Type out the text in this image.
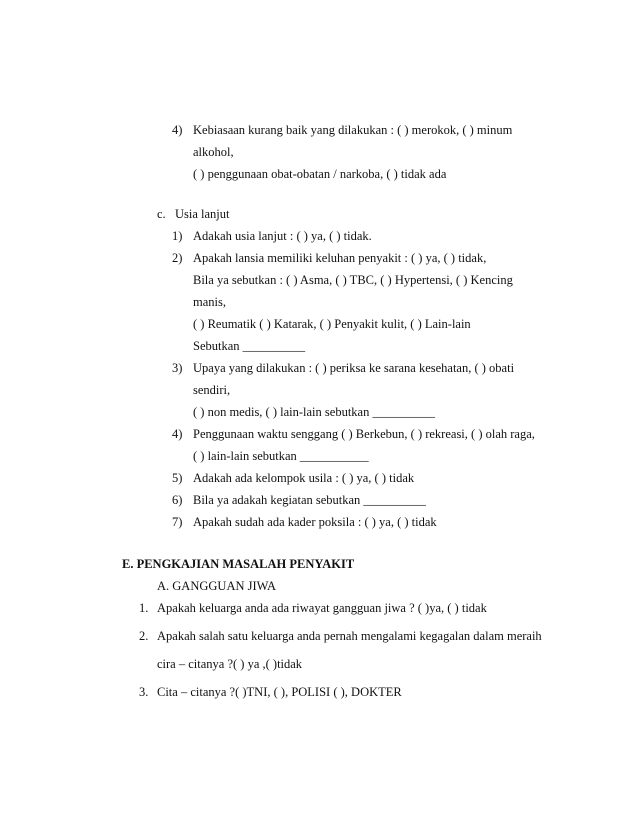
4) Kebiasaan kurang baik yang dilakukan : ( ) merokok, ( ) minum
alkohol,
( ) penggunaan obat-obatan / narkoba, ( ) tidak ada
c. Usia lanjut
1) Adakah usia lanjut : ( ) ya, ( ) tidak.
2) Apakah lansia memiliki keluhan penyakit : ( ) ya, ( ) tidak,
Bila ya sebutkan : ( ) Asma, ( ) TBC, ( ) Hypertensi, ( ) Kencing
manis,
( ) Reumatik ( ) Katarak, ( ) Penyakit kulit, ( ) Lain-lain
Sebutkan __________
3) Upaya yang dilakukan : ( ) periksa ke sarana kesehatan, ( ) obati
sendiri,
( ) non medis, ( ) lain-lain sebutkan __________
4) Penggunaan waktu senggang ( ) Berkebun, ( ) rekreasi, ( ) olah raga,
( ) lain-lain sebutkan ___________
5) Adakah ada kelompok usila : ( ) ya, ( ) tidak
6) Bila ya adakah kegiatan sebutkan __________
7) Apakah sudah ada kader poksila : ( ) ya, ( ) tidak
E. PENGKAJIAN MASALAH PENYAKIT
A. GANGGUAN JIWA
1. Apakah keluarga anda ada riwayat gangguan jiwa ? ( )ya, ( ) tidak
2. Apakah salah satu keluarga anda pernah mengalami kegagalan dalam meraih
cira – citanya ?( ) ya ,( )tidak
3. Cita – citanya ?( )TNI, ( ), POLISI ( ), DOKTER
